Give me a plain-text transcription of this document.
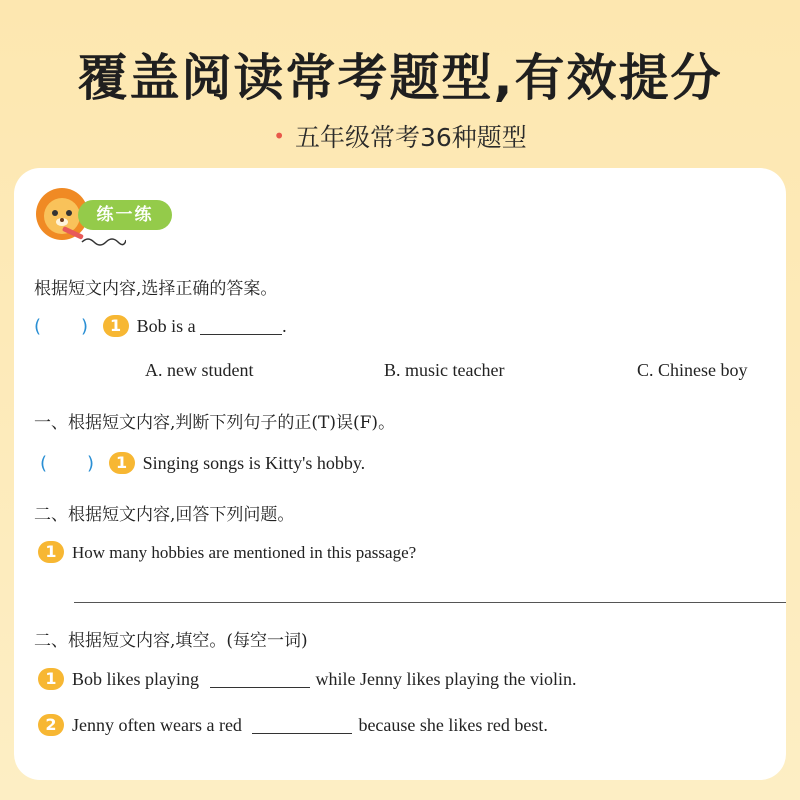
覆盖阅读常考题型,有效提分
• 五年级常考36种题型
练一练
根据短文内容,选择正确的答案。
( ) 1 Bob is a	.
A. new student	B. music teacher	C. Chinese boy
一、根据短文内容,判断下列句子的正(T)误(F)。
( ) 1 Singing songs is Kitty's hobby.
二、根据短文内容,回答下列问题。
1 How many hobbies are mentioned in this passage?
二、根据短文内容,填空。(每空一词)
1 Bob likes playing	while Jenny likes playing the violin.
2 Jenny often wears a red	because she likes red best.
